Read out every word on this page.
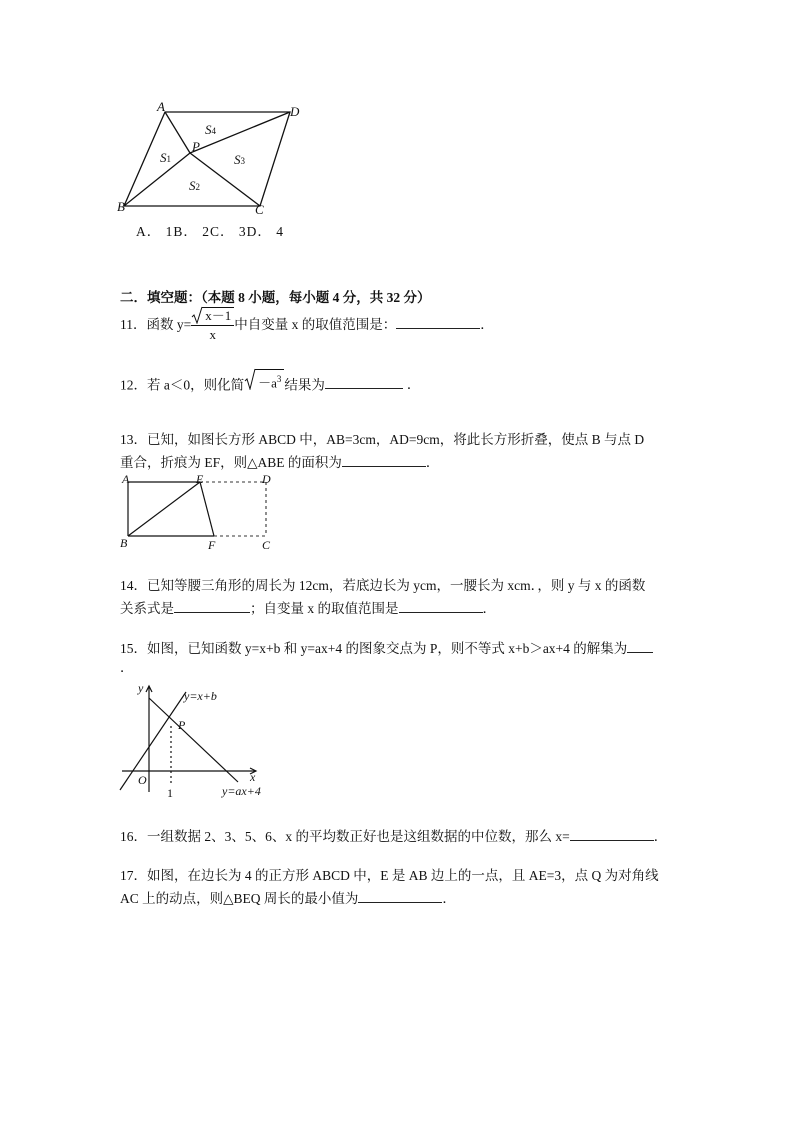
A	D
B	C
P
S4
S1	S3
S2
A． 1B． 2C． 3D． 4
二．填空题：（本题 8 小题，每小题 4 分，共 32 分）
11．函数 $y= \frac{x-1}{x}$ 中自变量 x 的取值范围是：	．
12．若 a＜0，则化简 $-a^3$ 结果为	．
13．已知，如图长方形 ABCD 中，AB=3cm，AD=9cm，将此长方形折叠，使点 B 与点 D
重合，折痕为 EF，则△ABE 的面积为	．
A	E	D
B	F	C
14．已知等腰三角形的周长为 12cm，若底边长为 ycm，一腰长为 xcm．，则 y 与 x 的函数
关系式是	；自变量 x 的取值范围是	．
15．如图，已知函数 y=x+b 和 y=ax+4 的图象交点为 P，则不等式 x+b＞ax+4 的解集为
．
y
x
O
P
1
y=x+b
y=ax+4
16．一组数据 2、3、5、6、x 的平均数正好也是这组数据的中位数，那么 x=	．
17．如图，在边长为 4 的正方形 ABCD 中，E 是 AB 边上的一点，且 AE=3，点 Q 为对角线
AC 上的动点，则△BEQ 周长的最小值为	．
